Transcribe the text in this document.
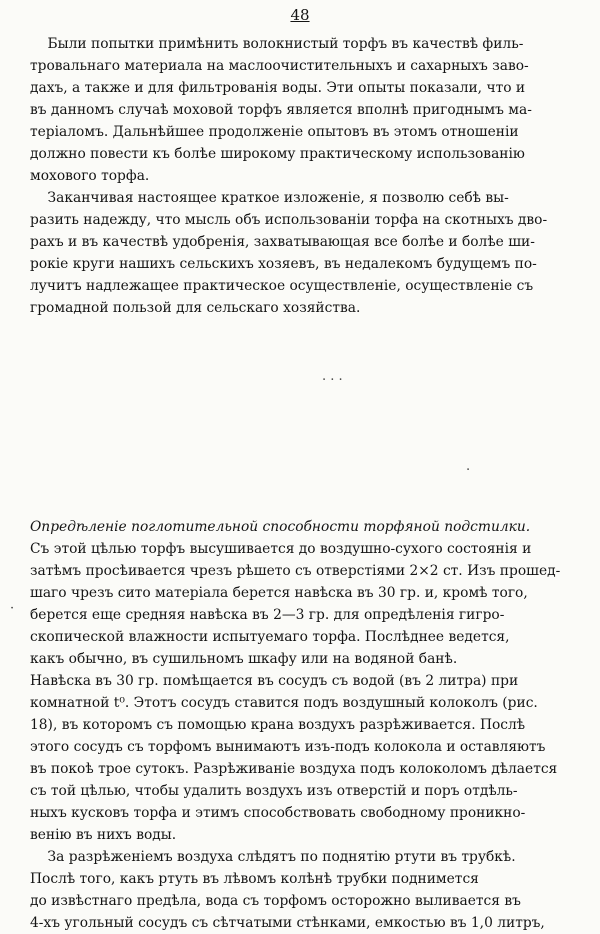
48
Были попытки примѣнить волокнистый торфъ въ качествѣ филь-
тровальнаго материала на маслоочистительныхъ и сахарныхъ заво-
дахъ, а также и для фильтрованія воды. Эти опыты показали, что и
въ данномъ случаѣ моховой торфъ является вполнѣ пригоднымъ ма-
теріаломъ. Дальнѣйшее продолженіе опытовъ въ этомъ отношеніи
должно повести къ болѣе широкому практическому использованію
мохового торфа.
Заканчивая настоящее краткое изложеніе, я позволю себѣ вы-
разить надежду, что мысль объ использованіи торфа на скотныхъ дво-
рахъ и въ качествѣ удобренія, захватывающая все болѣе и болѣе ши-
рокіе круги нашихъ сельскихъ хозяевъ, въ недалекомъ будущемъ по-
лучитъ надлежащее практическое осуществленіе, осуществленіе съ
громадной пользой для сельскаго хозяйства.
. . .
.
·
Опредѣленіе поглотительной способности торфяной подстилки.
Съ этой цѣлью торфъ высушивается до воздушно-сухого состоянія и
затѣмъ просѣивается чрезъ рѣшето съ отверстіями 2×2 ст. Изъ прошед-
шаго чрезъ сито матеріала берется навѣска въ 30 гр. и, кромѣ того,
берется еще средняя навѣска въ 2—3 гр. для опредѣленія гигро-
скопической влажности испытуемаго торфа. Послѣднее ведется,
какъ обычно, въ сушильномъ шкафу или на водяной банѣ.
Навѣска въ 30 гр. помѣщается въ сосудъ съ водой (въ 2 литра) при
комнатной t⁰. Этотъ сосудъ ставится подъ воздушный колоколъ (рис.
18), въ которомъ съ помощью крана воздухъ разрѣживается. Послѣ
этого сосудъ съ торфомъ вынимаютъ изъ-подъ колокола и оставляютъ
въ покоѣ трое сутокъ. Разрѣживаніе воздуха подъ колоколомъ дѣлается
съ той цѣлью, чтобы удалить воздухъ изъ отверстій и поръ отдѣль-
ныхъ кусковъ торфа и этимъ способствовать свободному проникно-
венію въ нихъ воды.
За разрѣженіемъ воздуха слѣдятъ по поднятію ртути въ трубкѣ.
Послѣ того, какъ ртуть въ лѣвомъ колѣнѣ трубки поднимется
до извѣстнаго предѣла, вода съ торфомъ осторожно выливается въ
4-хъ угольный сосудъ съ сѣтчатыми стѣнками, емкостью въ 1,0 литръ,
